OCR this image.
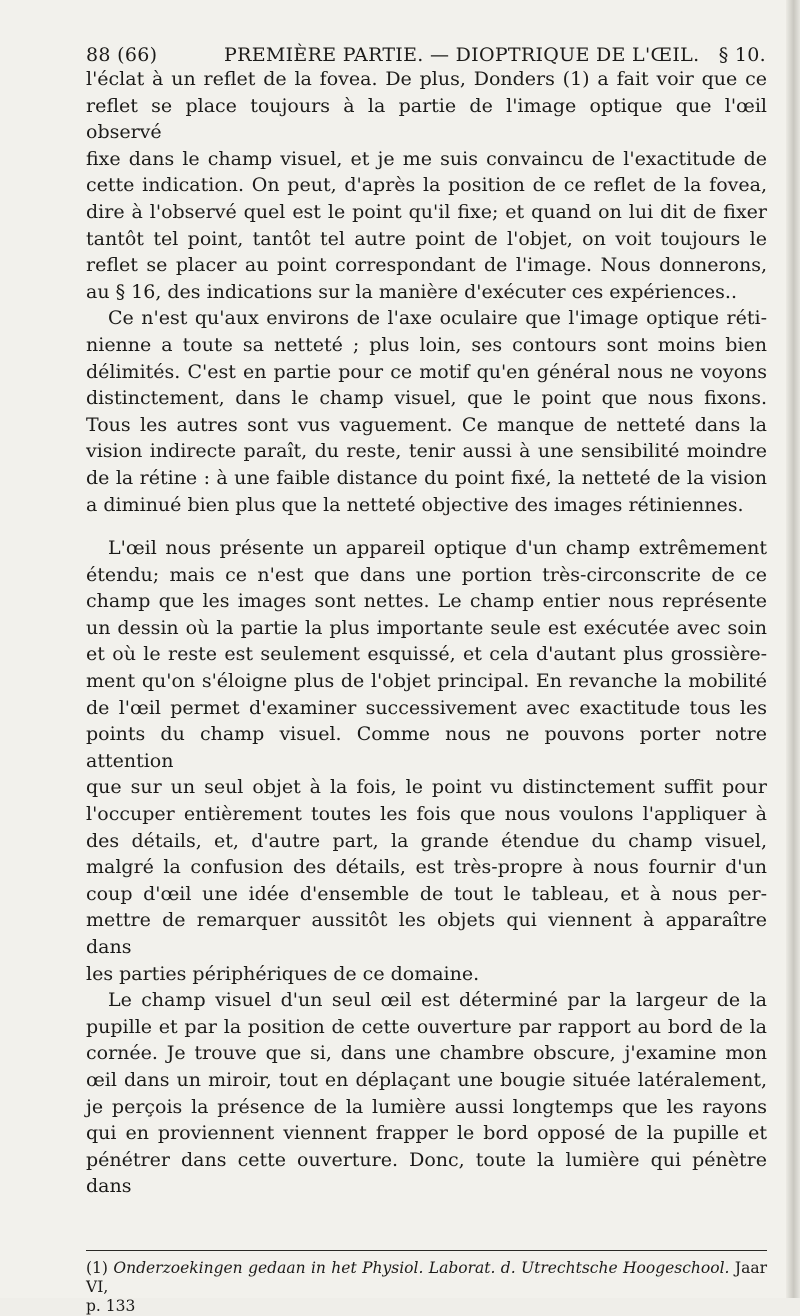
88 (66)	PREMIÈRE PARTIE. — DIOPTRIQUE DE L'ŒIL. § 10.

l'éclat à un reflet de la fovea. De plus, Donders (1) a fait voir que ce

reflet se place toujours à la partie de l'image optique que l'œil observé

fixe dans le champ visuel, et je me suis convaincu de l'exactitude de

cette indication. On peut, d'après la position de ce reflet de la fovea,

dire à l'observé quel est le point qu'il fixe; et quand on lui dit de fixer

tantôt tel point, tantôt tel autre point de l'objet, on voit toujours le

reflet se placer au point correspondant de l'image. Nous donnerons,

au § 16, des indications sur la manière d'exécuter ces expériences..

Ce n'est qu'aux environs de l'axe oculaire que l'image optique réti-

nienne a toute sa netteté ; plus loin, ses contours sont moins bien

délimités. C'est en partie pour ce motif qu'en général nous ne voyons

distinctement, dans le champ visuel, que le point que nous fixons.

Tous les autres sont vus vaguement. Ce manque de netteté dans la

vision indirecte paraît, du reste, tenir aussi à une sensibilité moindre

de la rétine : à une faible distance du point fixé, la netteté de la vision

a diminué bien plus que la netteté objective des images rétiniennes.

L'œil nous présente un appareil optique d'un champ extrêmement

étendu; mais ce n'est que dans une portion très-circonscrite de ce

champ que les images sont nettes. Le champ entier nous représente

un dessin où la partie la plus importante seule est exécutée avec soin

et où le reste est seulement esquissé, et cela d'autant plus grossière-

ment qu'on s'éloigne plus de l'objet principal. En revanche la mobilité

de l'œil permet d'examiner successivement avec exactitude tous les

points du champ visuel. Comme nous ne pouvons porter notre attention

que sur un seul objet à la fois, le point vu distinctement suffit pour

l'occuper entièrement toutes les fois que nous voulons l'appliquer à

des détails, et, d'autre part, la grande étendue du champ visuel,

malgré la confusion des détails, est très-propre à nous fournir d'un

coup d'œil une idée d'ensemble de tout le tableau, et à nous per-

mettre de remarquer aussitôt les objets qui viennent à apparaître dans

les parties périphériques de ce domaine.

Le champ visuel d'un seul œil est déterminé par la largeur de la

pupille et par la position de cette ouverture par rapport au bord de la

cornée. Je trouve que si, dans une chambre obscure, j'examine mon

œil dans un miroir, tout en déplaçant une bougie située latéralement,

je perçois la présence de la lumière aussi longtemps que les rayons

qui en proviennent viennent frapper le bord opposé de la pupille et

pénétrer dans cette ouverture. Donc, toute la lumière qui pénètre dans

(1) Onderzoekingen gedaan in het Physiol. Laborat. d. Utrechtsche Hoogeschool. Jaar VI,

p. 133
